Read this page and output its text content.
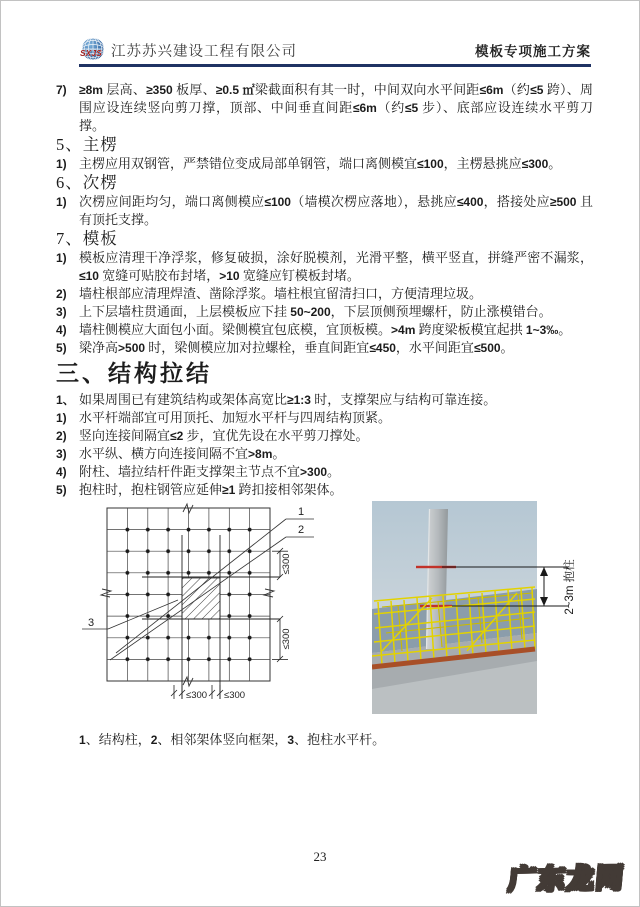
SXJS 江苏苏兴建设工程有限公司	模板专项施工方案
7)	≥8m 层高、≥350 板厚、≥0.5 ㎡梁截面积有其一时，中间双向水平间距≤6m（约≤5 跨）、周围应设连续竖向剪刀撑，顶部、中间垂直间距≤6m（约≤5 步）、底部应设连续水平剪刀撑。
5、主楞
1) 主楞应用双钢管，严禁错位变成局部单钢管，端口离侧模宜≤100，主楞悬挑应≤300。
6、次楞
1) 次楞应间距均匀，端口离侧模应≤100（墙模次楞应落地），悬挑应≤400，搭接处应≥500 且有顶托支撑。
7、模板
1) 模板应清理干净浮浆，修复破损，涂好脱模剂，光滑平整，横平竖直，拼缝严密不漏浆，≤10 宽缝可贴胶布封堵，>10 宽缝应钉模板封堵。
2) 墙柱根部应清理焊渣、凿除浮浆。墙柱根宜留清扫口，方便清理垃圾。
3) 上下层墙柱贯通面，上层模板应下挂 50~200，下层顶侧预埋螺杆，防止涨模错台。
4) 墙柱侧模应大面包小面。梁侧模宜包底模，宜顶板模。>4m 跨度梁板模宜起拱 1~3‰。
5) 梁净高>500 时，梁侧模应加对拉螺栓，垂直间距宜≤450，水平间距宜≤500。
三、结构拉结
1、 如果周围已有建筑结构或架体高宽比≥1:3 时，支撑架应与结构可靠连接。
1) 水平杆端部宜可用顶托、加短水平杆与四周结构顶紧。
2) 竖向连接间隔宜≤2 步，宜优先设在水平剪刀撑处。
3) 水平纵、横方向连接间隔不宜>8m。
4) 附柱、墙拉结杆件距支撑架主节点不宜>300。
5) 抱柱时，抱柱钢管应延伸≥1 跨扣接相邻架体。
1
2
3
≤300
≤300
≤300 ≤300
2~3m 抱柱
1、结构柱，2、相邻架体竖向框架，3、抱柱水平杆。
23
广东龙网
